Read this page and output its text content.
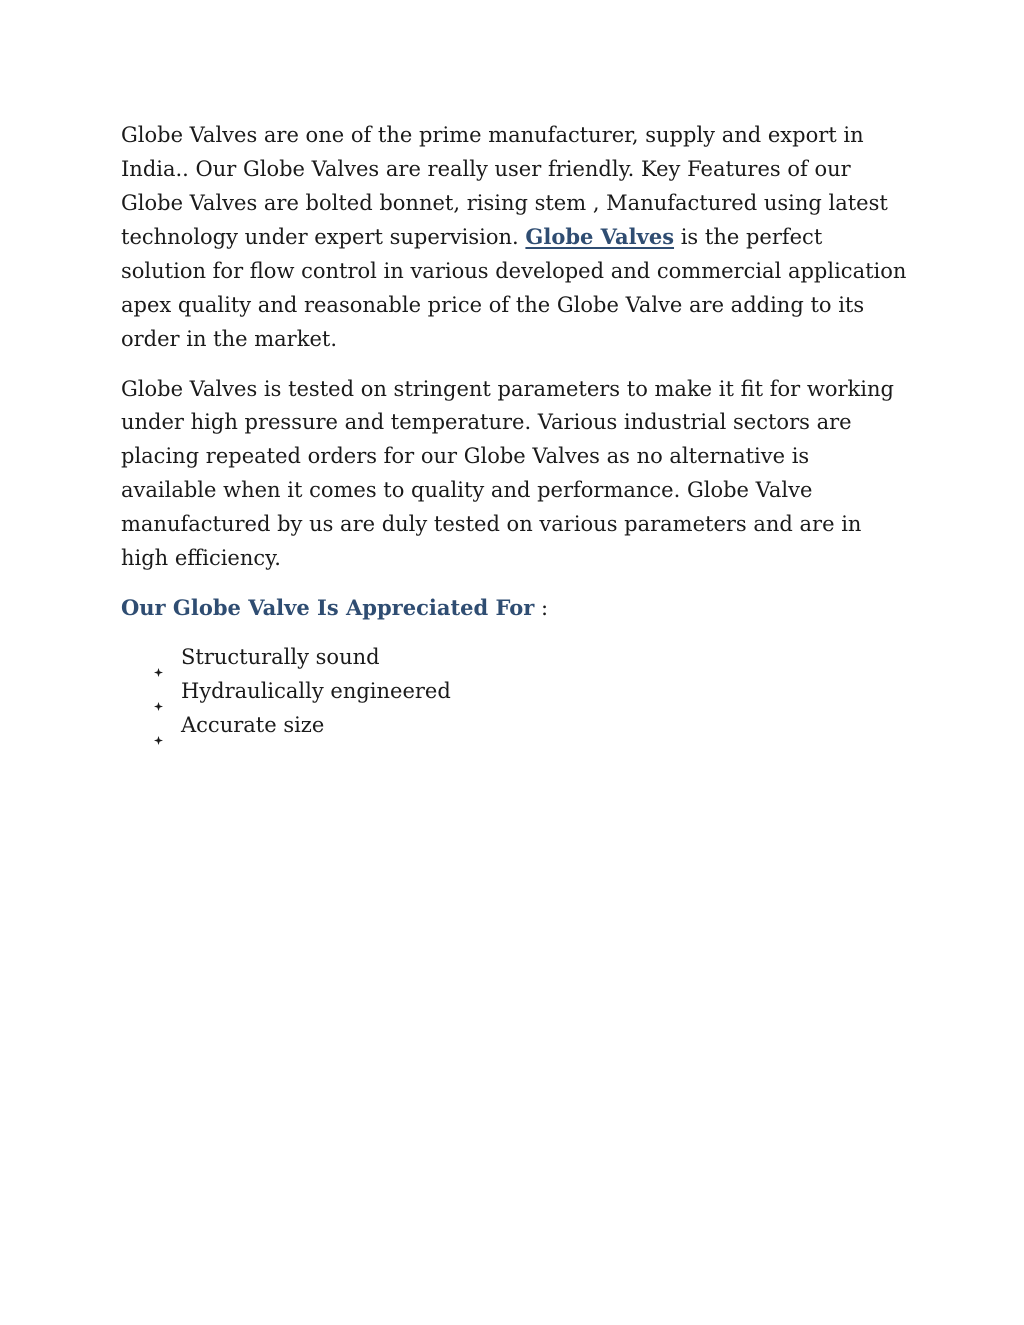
Globe Valves are one of the prime manufacturer, supply and export in India.. Our Globe Valves are really user friendly. Key Features of our Globe Valves are bolted bonnet, rising stem , Manufactured using latest technology under expert supervision. Globe Valves is the perfect solution for flow control in various developed and commercial application apex quality and reasonable price of the Globe Valve are adding to its order in the market.

Globe Valves is tested on stringent parameters to make it fit for working under high pressure and temperature. Various industrial sectors are placing repeated orders for our Globe Valves as no alternative is available when it comes to quality and performance. Globe Valve manufactured by us are duly tested on various parameters and are in high efficiency.

Our Globe Valve Is Appreciated For :

Structurally sound
Hydraulically engineered
Accurate size
